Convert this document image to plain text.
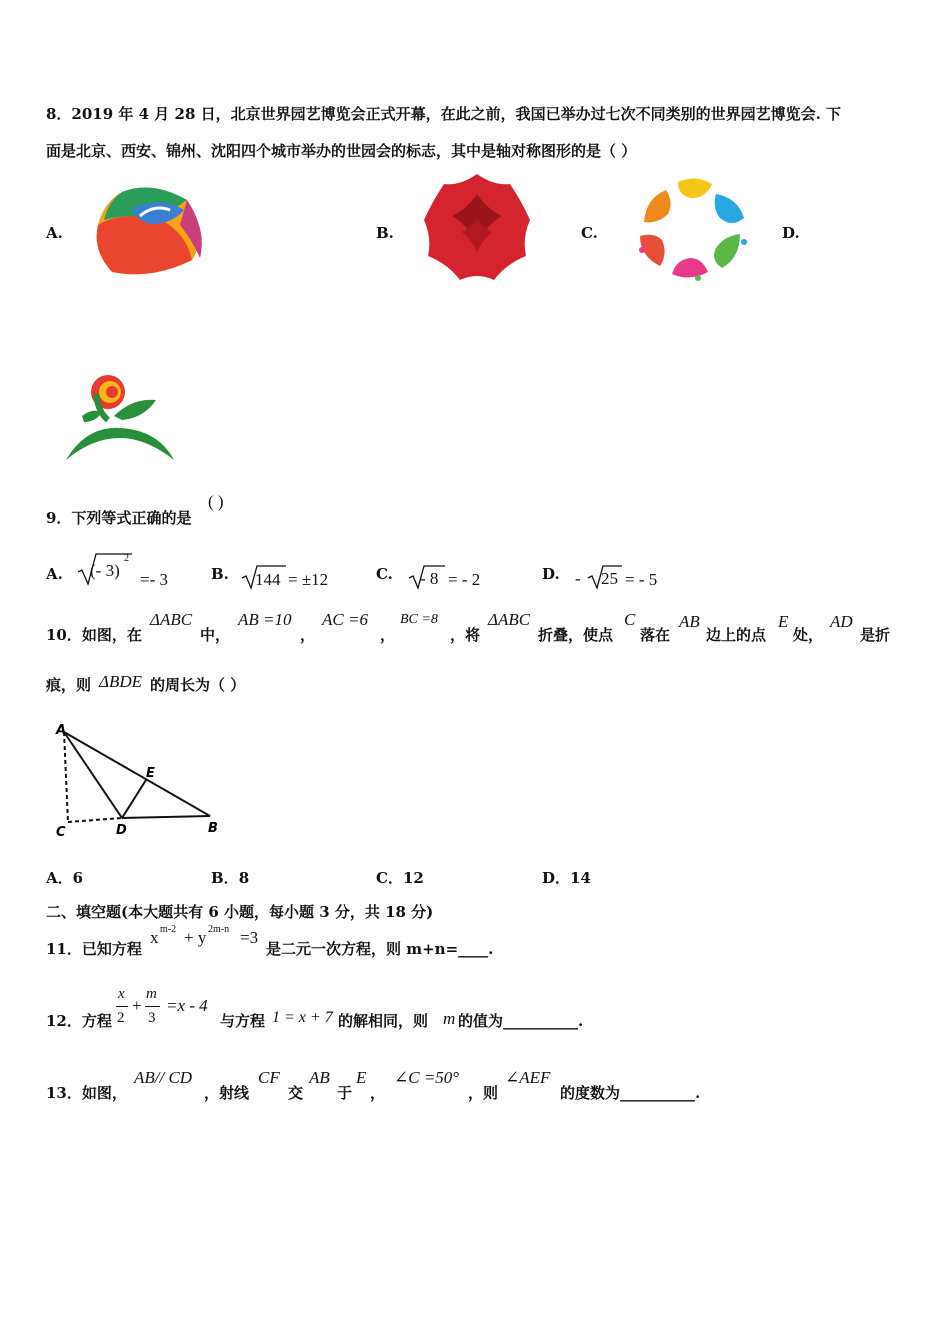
8．2019 年 4 月 28 日，北京世界园艺博览会正式开幕，在此之前，我国已举办过七次不同类别的世界园艺博览会. 下
面是北京、西安、锦州、沈阳四个城市举办的世园会的标志，其中是轴对称图形的是（ ）
A.	B.	C.	D.
9．下列等式正确的是
( )
A. (- 3)
2
=- 3	B. 144 = ±12	C. - 8 = - 2	D. - 25 = - 5
10．如图，在
ΔABC
中，
AB =10
，
AC =6
，
BC =8
，将
ΔABC
折叠，使点
C
落在
AB
边上的点
E
处，
AD
是折
痕，则 ΔBDE 的周长为（ ）
A
E
C	D	B
A．6	B．8	C．12	D．14
二、填空题(本大题共有 6 小题，每小题 3 分，共 18 分)
11．已知方程
x m-2 + y 2m-n =3
是二元一次方程，则 m+n=____.
12．方程
x
2
+
m
3
=x - 4
与方程 1 = x + 7 的解相同，则 m 的值为__________.
13．如图，
AB// CD
，射线
CF
交
AB
于
E
，
∠C =50°
，则
∠AEF
的度数为__________.
